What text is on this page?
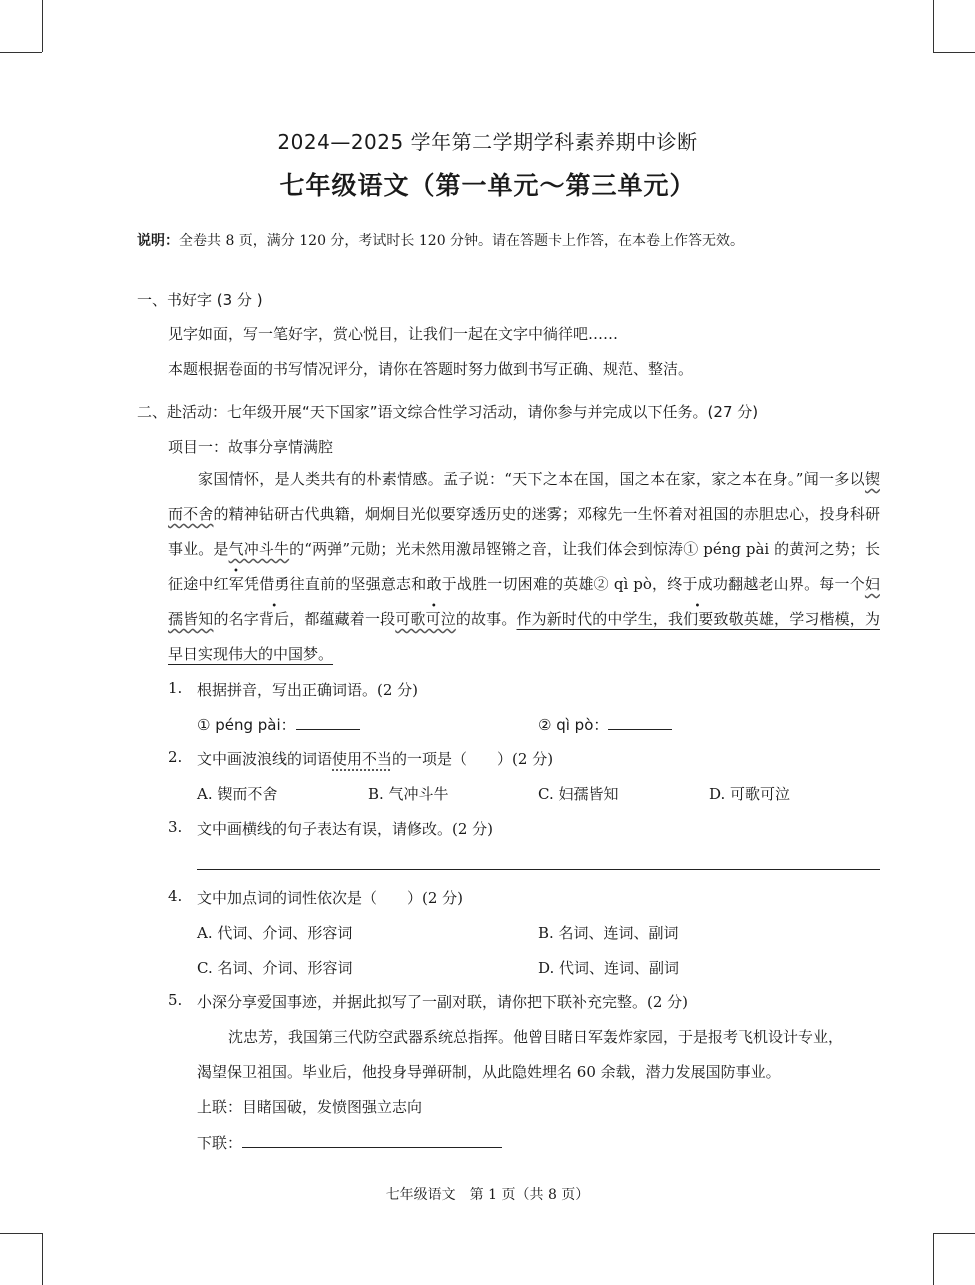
2024—2025 学年第二学期学科素养期中诊断
七年级语文（第一单元～第三单元）
说明：全卷共 8 页，满分 120 分，考试时长 120 分钟。请在答题卡上作答，在本卷上作答无效。
一、书好字 (3 分 )
见字如面，写一笔好字，赏心悦目，让我们一起在文字中徜徉吧……
本题根据卷面的书写情况评分，请你在答题时努力做到书写正确、规范、整洁。
二、赴活动：七年级开展“天下国家”语文综合性学习活动，请你参与并完成以下任务。(27 分)
项目一：故事分享情满腔
家国情怀，是人类共有的朴素情感。孟子说：“天下之本在国，国之本在家，家之本在身。”闻一多以锲而不舍的精神钻研古代典籍，炯炯目光似要穿透历史的迷雾；邓稼先一生怀着对祖国的赤胆忠心，投身科研事业。是气冲斗牛的“两弹”元勋；光未然用激昂铿锵之音，让我们体会到惊涛① péng pài 的黄河之势；长征途中红军凭借勇往直前的坚强意志和敢于战胜一切困难的英雄② qì pò，终于成功翻越老山界。每一个妇孺皆知的名字背后，都蕴藏着一段可歌可泣的故事。作为新时代的中学生，我们要致敬英雄，学习楷模，为早日实现伟大的中国梦。
1. 根据拼音，写出正确词语。(2 分)
① péng pài：	② qì pò：
2. 文中画波浪线的词语使用不当的一项是（　　）(2 分)
A. 锲而不舍	B. 气冲斗牛	C. 妇孺皆知	D. 可歌可泣
3. 文中画横线的句子表达有误，请修改。(2 分)
4. 文中加点词的词性依次是（　　）(2 分)
A. 代词、介词、形容词	B. 名词、连词、副词
C. 名词、介词、形容词	D. 代词、连词、副词
5. 小深分享爱国事迹，并据此拟写了一副对联，请你把下联补充完整。(2 分)
沈忠芳，我国第三代防空武器系统总指挥。他曾目睹日军轰炸家园，于是报考飞机设计专业，
渴望保卫祖国。毕业后，他投身导弹研制，从此隐姓埋名 60 余载，潜力发展国防事业。
上联：目睹国破，发愤图强立志向
下联：
七年级语文　第 1 页（共 8 页）
